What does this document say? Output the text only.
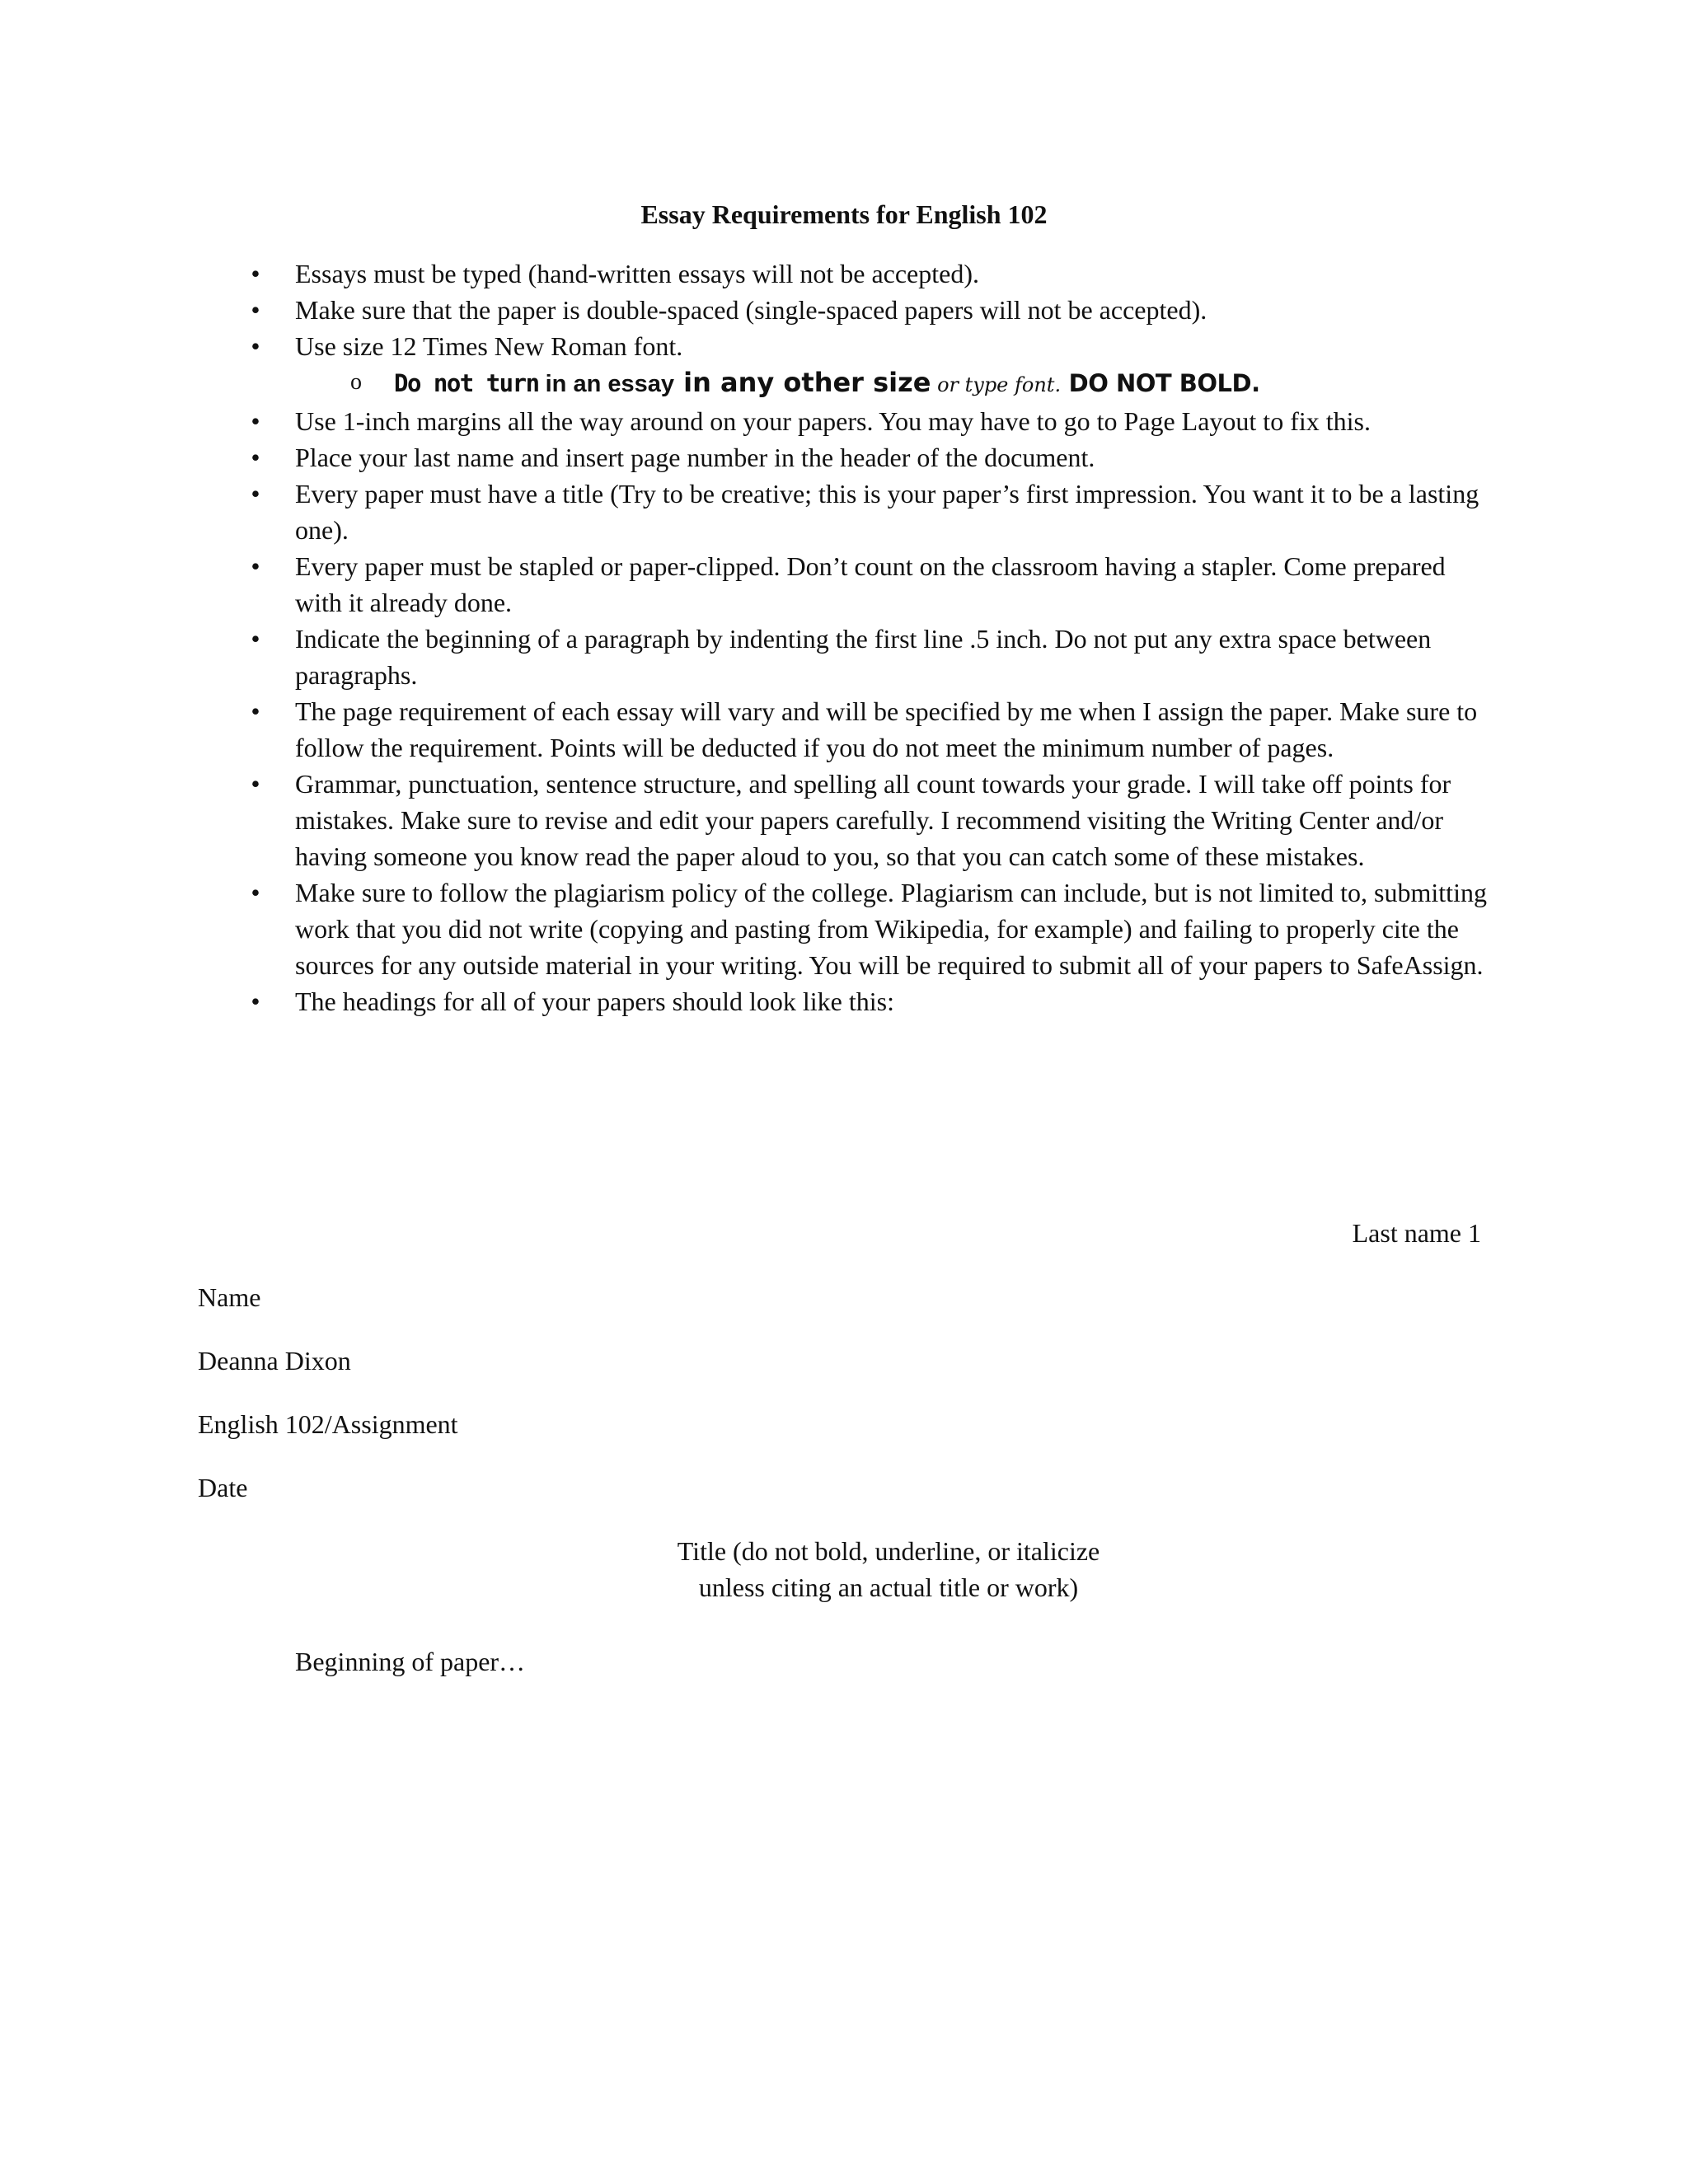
Essay Requirements for English 102
• Essays must be typed (hand-written essays will not be accepted).
• Make sure that the paper is double-spaced (single-spaced papers will not be accepted).
• Use size 12 Times New Roman font.
o Do not turn in an essay in any other size or type font. DO NOT BOLD.
• Use 1-inch margins all the way around on your papers. You may have to go to Page Layout to fix this.
• Place your last name and insert page number in the header of the document.
• Every paper must have a title (Try to be creative; this is your paper’s first impression. You want it to be a lasting one).
• Every paper must be stapled or paper-clipped. Don’t count on the classroom having a stapler. Come prepared with it already done.
• Indicate the beginning of a paragraph by indenting the first line .5 inch. Do not put any extra space between paragraphs.
• The page requirement of each essay will vary and will be specified by me when I assign the paper. Make sure to follow the requirement. Points will be deducted if you do not meet the minimum number of pages.
• Grammar, punctuation, sentence structure, and spelling all count towards your grade. I will take off points for mistakes. Make sure to revise and edit your papers carefully. I recommend visiting the Writing Center and/or having someone you know read the paper aloud to you, so that you can catch some of these mistakes.
• Make sure to follow the plagiarism policy of the college. Plagiarism can include, but is not limited to, submitting work that you did not write (copying and pasting from Wikipedia, for example) and failing to properly cite the sources for any outside material in your writing. You will be required to submit all of your papers to SafeAssign.
• The headings for all of your papers should look like this:
Last name 1
Name
Deanna Dixon
English 102/Assignment
Date
Title (do not bold, underline, or italicize
unless citing an actual title or work)
Beginning of paper…
